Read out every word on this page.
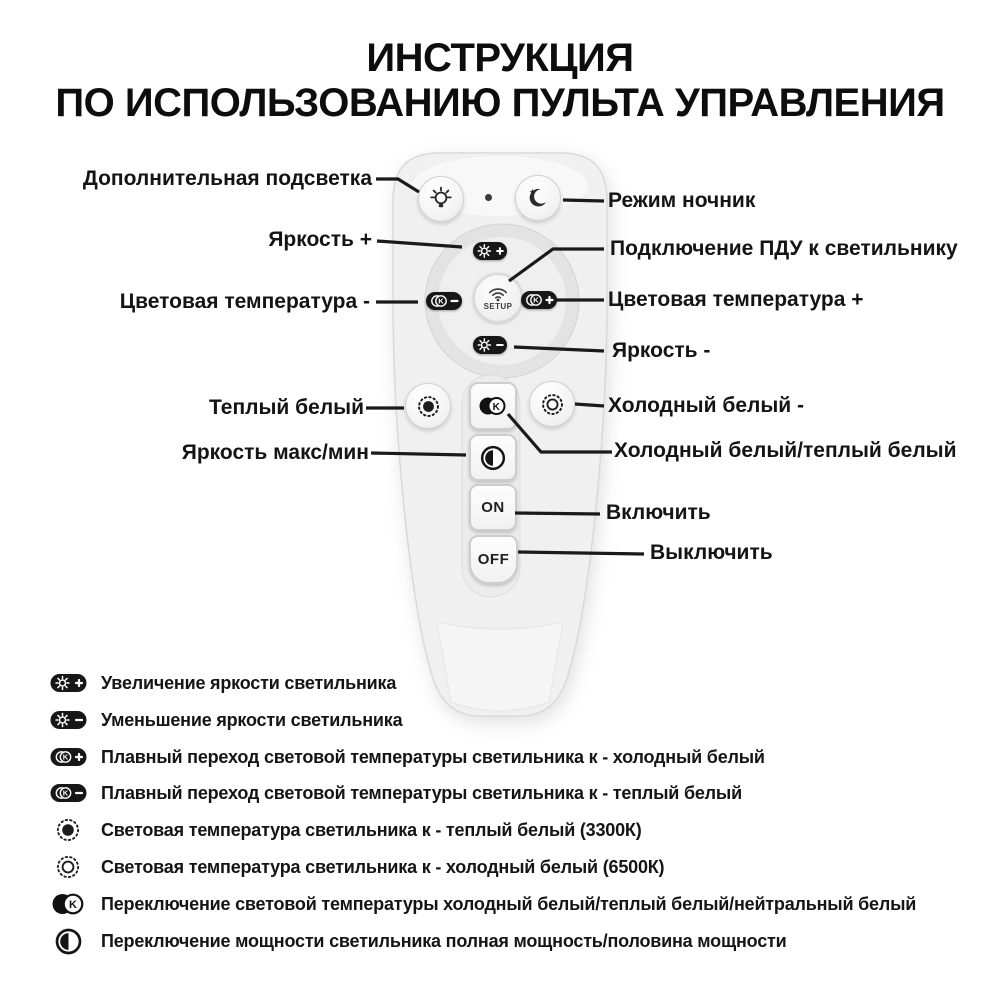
ИНСТРУКЦИЯ
ПО ИСПОЛЬЗОВАНИЮ ПУЛЬТА УПРАВЛЕНИЯ
K
SETUP
K
K
ON
OFF
Дополнительная подсветка
Яркость +
Цветовая температура -
Теплый белый
Яркость макс/мин
Режим ночник
Подключение ПДУ к светильнику
Цветовая температура +
Яркость -
Холодный белый -
Холодный белый/теплый белый
Включить
Выключить
Увеличение яркости светильника
Уменьшение яркости светильника
K Плавный переход световой температуры светильника к - холодный белый
K Плавный переход световой температуры светильника к - теплый белый
Световая температура светильника к - теплый белый (3300К)
Световая температура светильника к - холодный белый (6500К)
K Переключение световой температуры холодный белый/теплый белый/нейтральный белый
Переключение мощности светильника полная мощность/половина мощности
